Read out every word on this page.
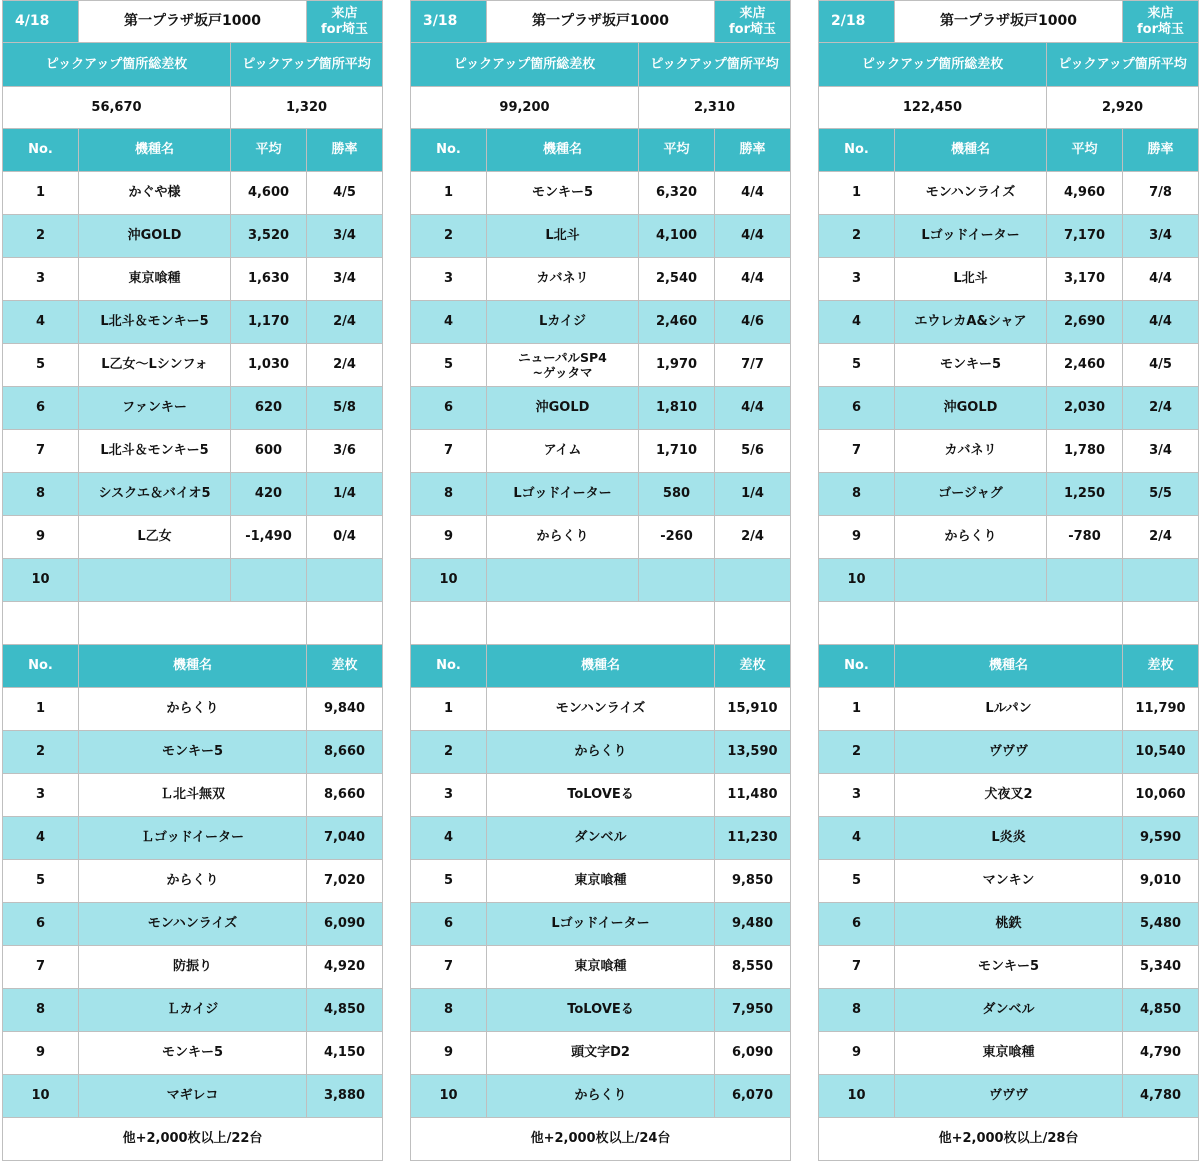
4/18	第一プラザ坂戸1000		来店
for埼玉
ピックアップ箇所総差枚		ピックアップ箇所平均	
56,670		1,320	
No.	機種名	平均	勝率
1	かぐや様	4,600	4/5
2	沖GOLD	3,520	3/4
3	東京喰種	1,630	3/4
4	L北斗＆モンキー5	1,170	2/4
5	L乙女～Lシンフォ	1,030	2/4
6	ファンキー	620	5/8
7	L北斗＆モンキー5	600	3/6
8	シスクエ＆バイオ5	420	1/4
9	L乙女	-1,490	0/4
10			

No.	機種名		差枚
1	からくり		9,840
2	モンキー5		8,660
3	Ｌ北斗無双		8,660
4	Ｌゴッドイーター		7,040
5	からくり		7,020
6	モンハンライズ		6,090
7	防振り		4,920
8	Ｌカイジ		4,850
9	モンキー5		4,150
10	マギレコ		3,880
他+2,000枚以上/22台			
3/18	第一プラザ坂戸1000		来店
for埼玉
ピックアップ箇所総差枚		ピックアップ箇所平均	
99,200		2,310	
No.	機種名	平均	勝率
1	モンキー5	6,320	4/4
2	L北斗	4,100	4/4
3	カバネリ	2,540	4/4
4	Lカイジ	2,460	4/6
5	ニューパルSP4
~ゲッタマ	1,970	7/7
6	沖GOLD	1,810	4/4
7	アイム	1,710	5/6
8	Lゴッドイーター	580	1/4
9	からくり	-260	2/4
10			

No.	機種名		差枚
1	モンハンライズ		15,910
2	からくり		13,590
3	ToLOVEる		11,480
4	ダンベル		11,230
5	東京喰種		9,850
6	Lゴッドイーター		9,480
7	東京喰種		8,550
8	ToLOVEる		7,950
9	頭文字D2		6,090
10	からくり		6,070
他+2,000枚以上/24台			
2/18	第一プラザ坂戸1000		来店
for埼玉
ピックアップ箇所総差枚		ピックアップ箇所平均	
122,450		2,920	
No.	機種名	平均	勝率
1	モンハンライズ	4,960	7/8
2	Lゴッドイーター	7,170	3/4
3	L北斗	3,170	4/4
4	エウレカA&シャア	2,690	4/4
5	モンキー5	2,460	4/5
6	沖GOLD	2,030	2/4
7	カバネリ	1,780	3/4
8	ゴージャグ	1,250	5/5
9	からくり	-780	2/4
10			

No.	機種名		差枚
1	Lルパン		11,790
2	ヴヴヴ		10,540
3	犬夜叉2		10,060
4	L炎炎		9,590
5	マンキン		9,010
6	桃鉄		5,480
7	モンキー5		5,340
8	ダンベル		4,850
9	東京喰種		4,790
10	ヴヴヴ		4,780
他+2,000枚以上/28台			
